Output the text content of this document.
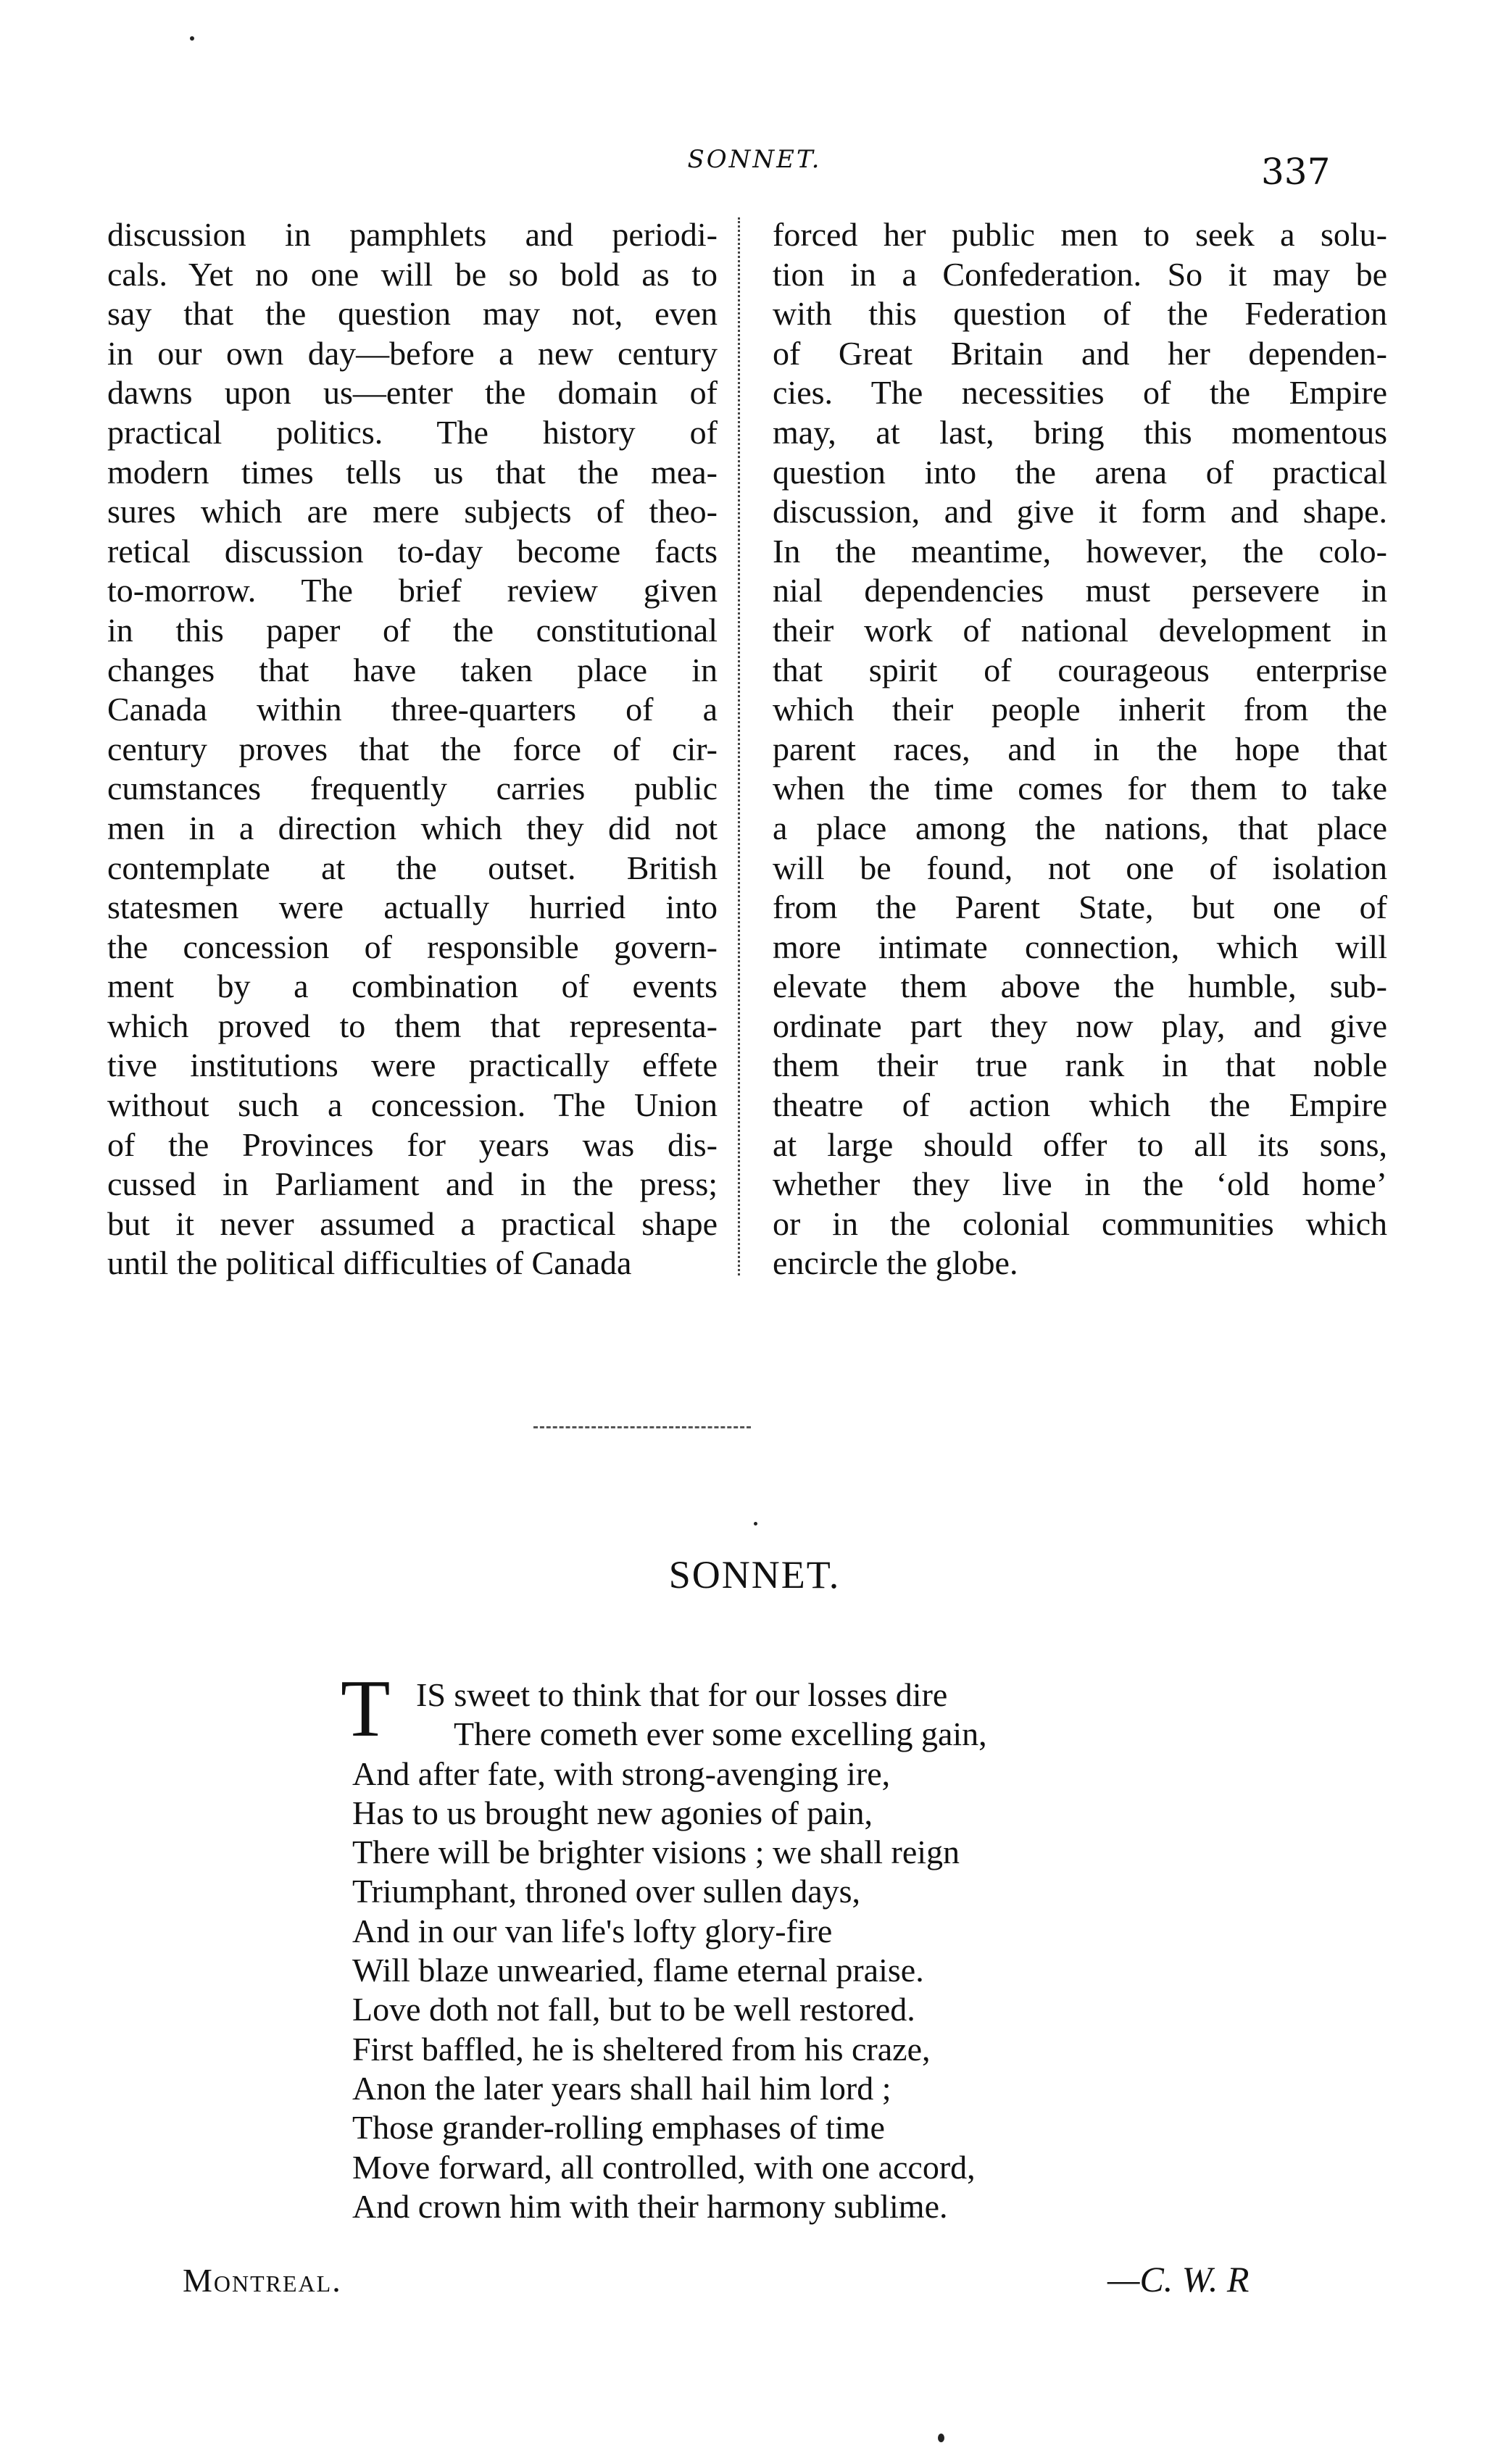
SONNET.	337
discussion in pamphlets and periodi-
cals. Yet no one will be so bold as to
say that the question may not, even
in our own day—before a new century
dawns upon us—enter the domain of
practical politics. The history of
modern times tells us that the mea-
sures which are mere subjects of theo-
retical discussion to-day become facts
to-morrow. The brief review given
in this paper of the constitutional
changes that have taken place in
Canada within three-quarters of a
century proves that the force of cir-
cumstances frequently carries public
men in a direction which they did not
contemplate at the outset. British
statesmen were actually hurried into
the concession of responsible govern-
ment by a combination of events
which proved to them that representa-
tive institutions were practically effete
without such a concession. The Union
of the Provinces for years was dis-
cussed in Parliament and in the press;
but it never assumed a practical shape
until the political difficulties of Canada
forced her public men to seek a solu-
tion in a Confederation. So it may be
with this question of the Federation
of Great Britain and her dependen-
cies. The necessities of the Empire
may, at last, bring this momentous
question into the arena of practical
discussion, and give it form and shape.
In the meantime, however, the colo-
nial dependencies must persevere in
their work of national development in
that spirit of courageous enterprise
which their people inherit from the
parent races, and in the hope that
when the time comes for them to take
a place among the nations, that place
will be found, not one of isolation
from the Parent State, but one of
more intimate connection, which will
elevate them above the humble, sub-
ordinate part they now play, and give
them their true rank in that noble
theatre of action which the Empire
at large should offer to all its sons,
whether they live in the ‘old home’
or in the colonial communities which
encircle the globe.
SONNET.
T IS sweet to think that for our losses dire
There cometh ever some excelling gain,
And after fate, with strong-avenging ire,
Has to us brought new agonies of pain,
There will be brighter visions ; we shall reign
Triumphant, throned over sullen days,
And in our van life's lofty glory-fire
Will blaze unwearied, flame eternal praise.
Love doth not fall, but to be well restored.
First baffled, he is sheltered from his craze,
Anon the later years shall hail him lord ;
Those grander-rolling emphases of time
Move forward, all controlled, with one accord,
And crown him with their harmony sublime.
Montreal.	—C. W. R
